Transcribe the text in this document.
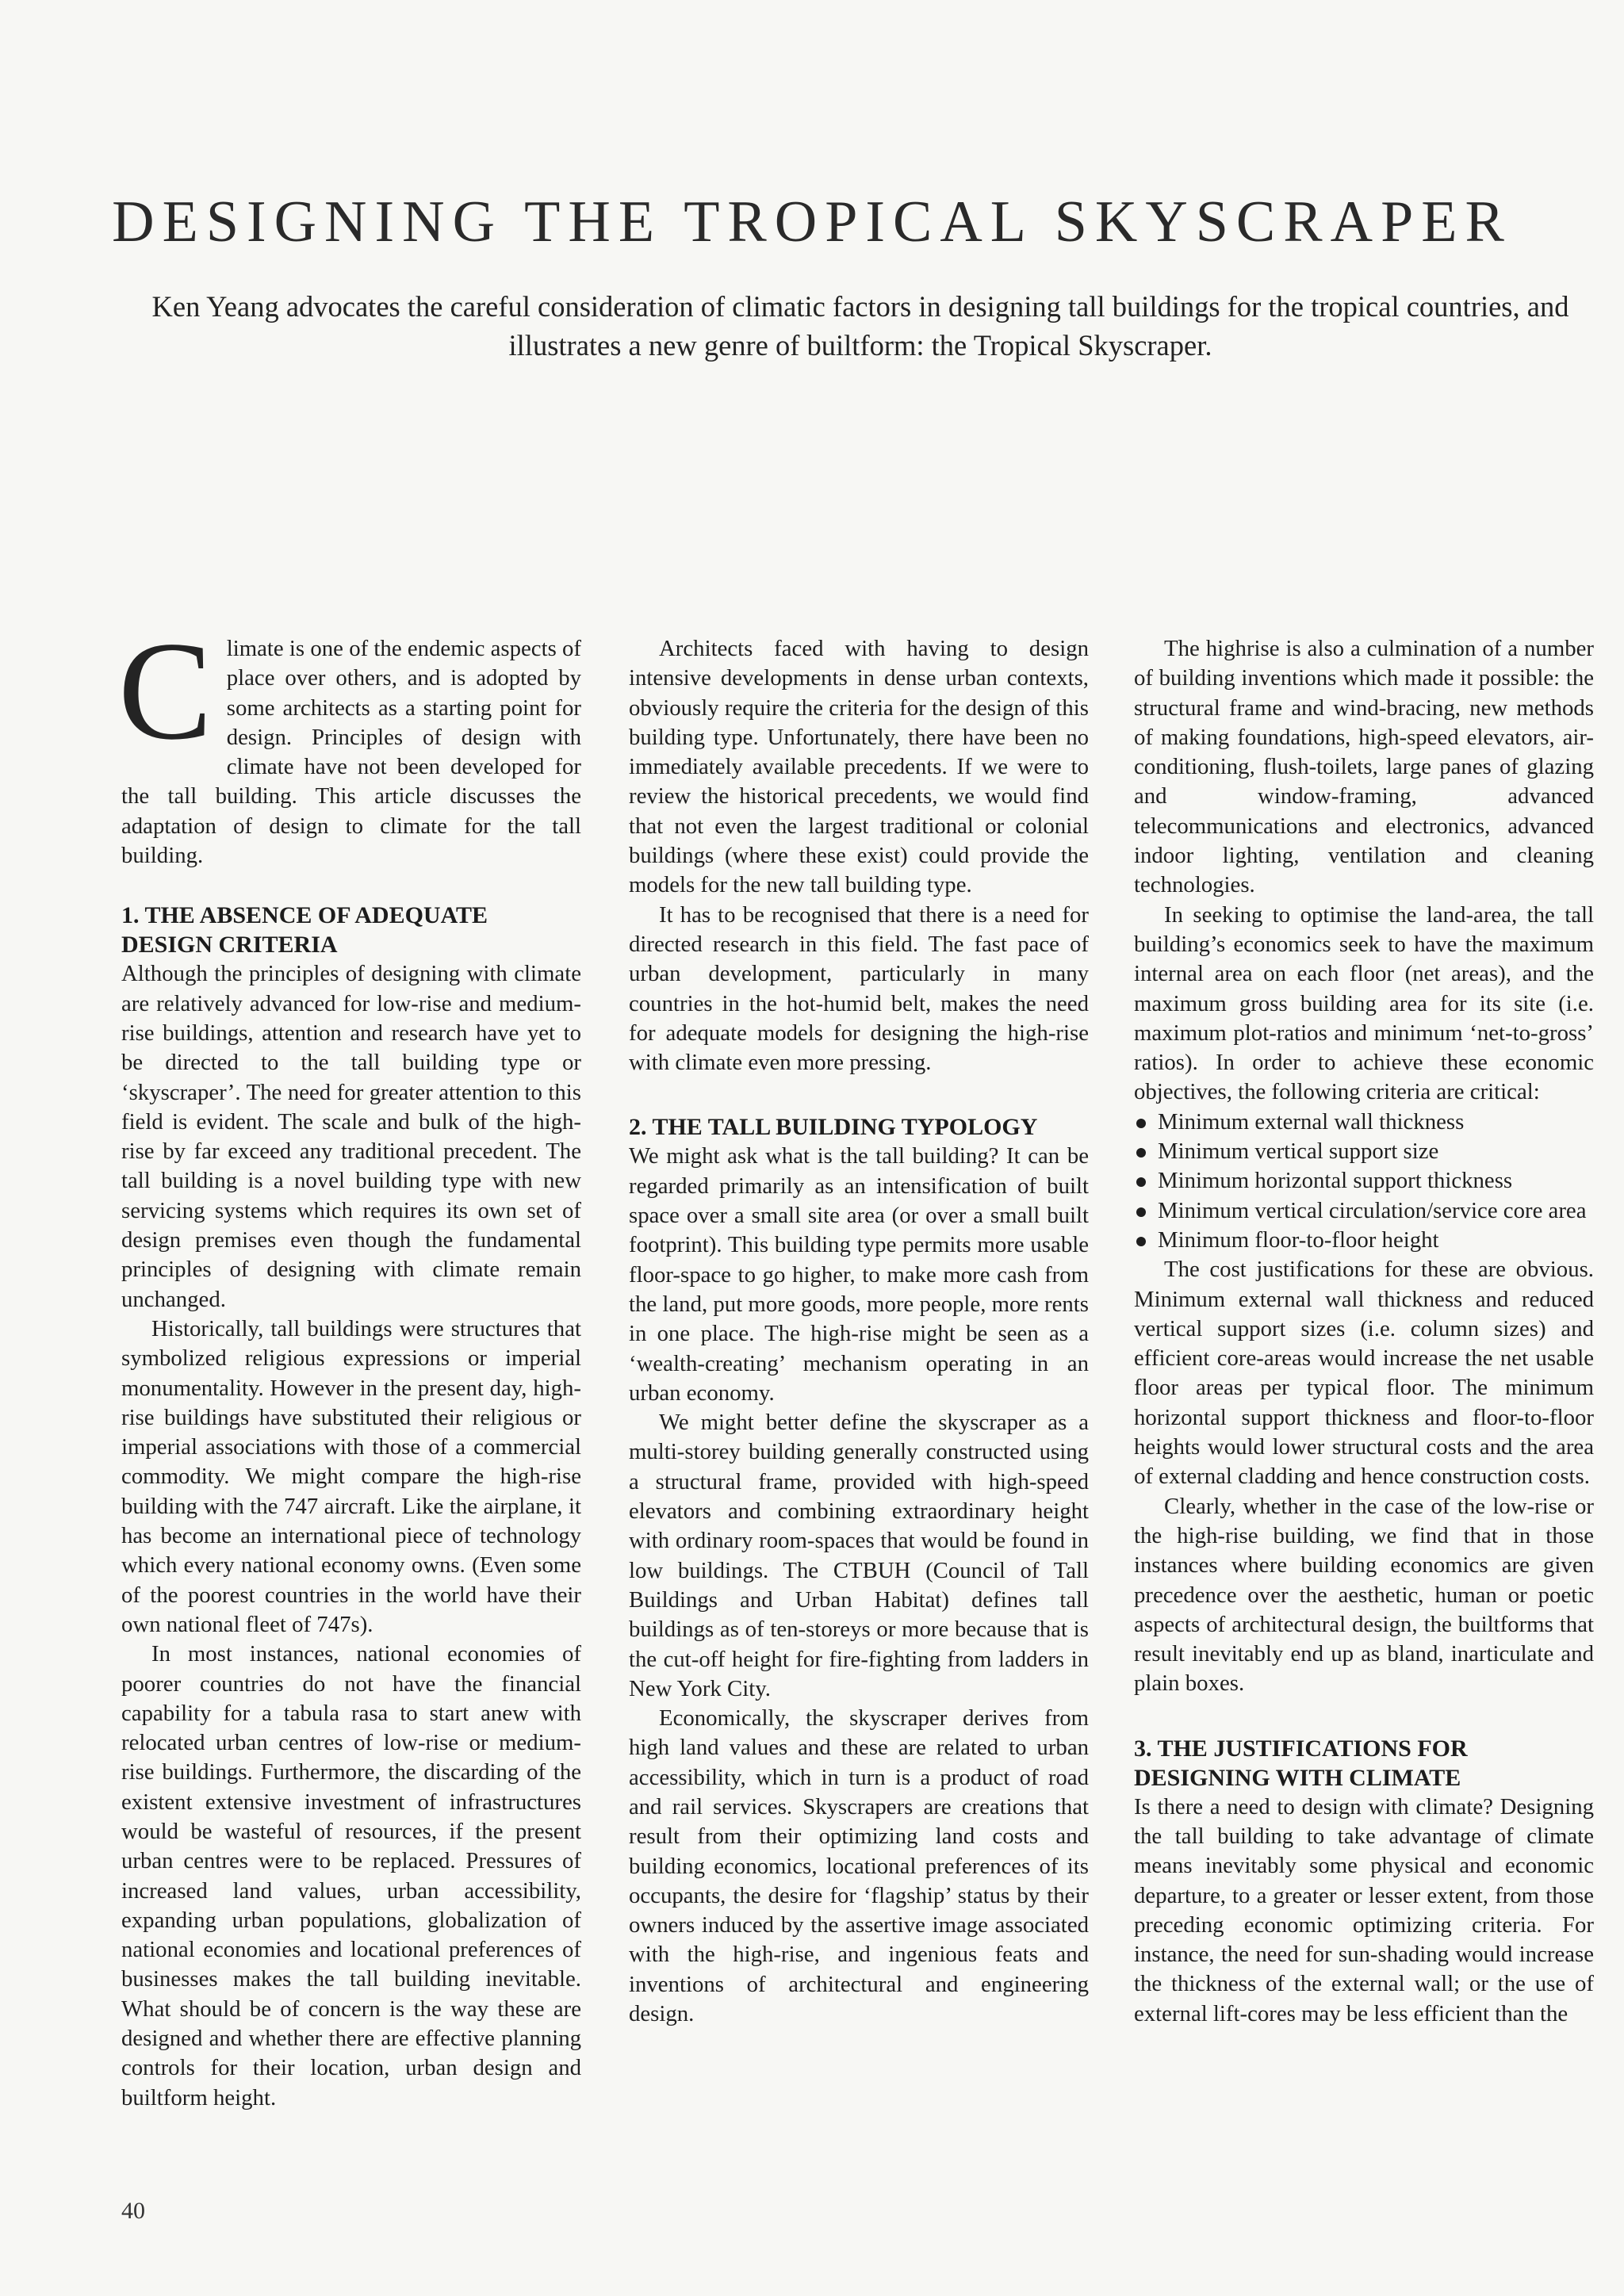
DESIGNING THE TROPICAL SKYSCRAPER

Ken Yeang advocates the careful consideration of climatic factors in designing tall buildings for the tropical countries, and illustrates a new genre of builtform: the Tropical Skyscraper.

Climate is one of the endemic aspects of place over others, and is adopted by some architects as a starting point for design. Principles of design with climate have not been developed for the tall building. This article discusses the adaptation of design to climate for the tall building.

1. THE ABSENCE OF ADEQUATE DESIGN CRITERIA

Although the principles of designing with climate are relatively advanced for low-rise and medium-rise buildings, attention and research have yet to be directed to the tall building type or ‘skyscraper’. The need for greater attention to this field is evident. The scale and bulk of the high-rise by far exceed any traditional precedent. The tall building is a novel building type with new servicing systems which requires its own set of design premises even though the fundamental principles of designing with climate remain unchanged.

Historically, tall buildings were structures that symbolized religious expressions or imperial monumentality. However in the present day, high-rise buildings have substituted their religious or imperial associations with those of a commercial commodity. We might compare the high-rise building with the 747 aircraft. Like the airplane, it has become an international piece of technology which every national economy owns. (Even some of the poorest countries in the world have their own national fleet of 747s).

In most instances, national economies of poorer countries do not have the financial capability for a tabula rasa to start anew with relocated urban centres of low-rise or medium-rise buildings. Furthermore, the discarding of the existent extensive investment of infrastructures would be wasteful of resources, if the present urban centres were to be replaced. Pressures of increased land values, urban accessibility, expanding urban populations, globalization of national economies and locational preferences of businesses makes the tall building inevitable. What should be of concern is the way these are designed and whether there are effective planning controls for their location, urban design and builtform height.

Architects faced with having to design intensive developments in dense urban contexts, obviously require the criteria for the design of this building type. Unfortunately, there have been no immediately available precedents. If we were to review the historical precedents, we would find that not even the largest traditional or colonial buildings (where these exist) could provide the models for the new tall building type.

It has to be recognised that there is a need for directed research in this field. The fast pace of urban development, particularly in many countries in the hot-humid belt, makes the need for adequate models for designing the high-rise with climate even more pressing.

2. THE TALL BUILDING TYPOLOGY

We might ask what is the tall building? It can be regarded primarily as an intensification of built space over a small site area (or over a small built footprint). This building type permits more usable floor-space to go higher, to make more cash from the land, put more goods, more people, more rents in one place. The high-rise might be seen as a ‘wealth-creating’ mechanism operating in an urban economy.

We might better define the skyscraper as a multi-storey building generally constructed using a structural frame, provided with high-speed elevators and combining extraordinary height with ordinary room-spaces that would be found in low buildings. The CTBUH (Council of Tall Buildings and Urban Habitat) defines tall buildings as of ten-storeys or more because that is the cut-off height for fire-fighting from ladders in New York City.

Economically, the skyscraper derives from high land values and these are related to urban accessibility, which in turn is a product of road and rail services. Skyscrapers are creations that result from their optimizing land costs and building economics, locational preferences of its occupants, the desire for ‘flagship’ status by their owners induced by the assertive image associated with the high-rise, and ingenious feats and inventions of architectural and engineering design.

The highrise is also a culmination of a number of building inventions which made it possible: the structural frame and wind-bracing, new methods of making foundations, high-speed elevators, air-conditioning, flush-toilets, large panes of glazing and window-framing, advanced telecommunications and electronics, advanced indoor lighting, ventilation and cleaning technologies.

In seeking to optimise the land-area, the tall building’s economics seek to have the maximum internal area on each floor (net areas), and the maximum gross building area for its site (i.e. maximum plot-ratios and minimum ‘net-to-gross’ ratios). In order to achieve these economic objectives, the following criteria are critical:

Minimum external wall thickness
Minimum vertical support size
Minimum horizontal support thickness
Minimum vertical circulation/service core area
Minimum floor-to-floor height

The cost justifications for these are obvious. Minimum external wall thickness and reduced vertical support sizes (i.e. column sizes) and efficient core-areas would increase the net usable floor areas per typical floor. The minimum horizontal support thickness and floor-to-floor heights would lower structural costs and the area of external cladding and hence construction costs.

Clearly, whether in the case of the low-rise or the high-rise building, we find that in those instances where building economics are given precedence over the aesthetic, human or poetic aspects of architectural design, the builtforms that result inevitably end up as bland, inarticulate and plain boxes.

3. THE JUSTIFICATIONS FOR DESIGNING WITH CLIMATE

Is there a need to design with climate? Designing the tall building to take advantage of climate means inevitably some physical and economic departure, to a greater or lesser extent, from those preceding economic optimizing criteria. For instance, the need for sun-shading would increase the thickness of the external wall; or the use of external lift-cores may be less efficient than the

40
